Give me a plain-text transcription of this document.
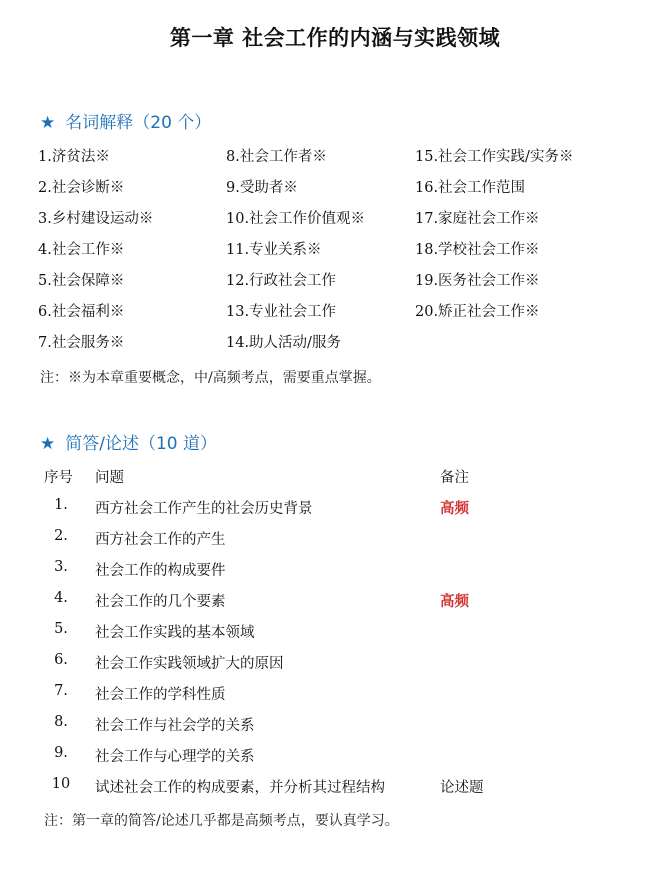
第一章 社会工作的内涵与实践领域
★ 名词解释（20 个）
1.济贫法※	8.社会工作者※	15.社会工作实践/实务※
2.社会诊断※	9.受助者※	16.社会工作范围
3.乡村建设运动※	10.社会工作价值观※	17.家庭社会工作※
4.社会工作※	11.专业关系※	18.学校社会工作※
5.社会保障※	12.行政社会工作	19.医务社会工作※
6.社会福利※	13.专业社会工作	20.矫正社会工作※
7.社会服务※	14.助人活动/服务
注：※为本章重要概念，中/高频考点，需要重点掌握。
★ 简答/论述（10 道）
序号 问题	备注
1.	西方社会工作产生的社会历史背景	高频
2.	西方社会工作的产生
3.	社会工作的构成要件
4.	社会工作的几个要素	高频
5.	社会工作实践的基本领域
6.	社会工作实践领域扩大的原因
7.	社会工作的学科性质
8.	社会工作与社会学的关系
9.	社会工作与心理学的关系
10	试述社会工作的构成要素，并分析其过程结构	论述题
注：第一章的简答/论述几乎都是高频考点，要认真学习。
